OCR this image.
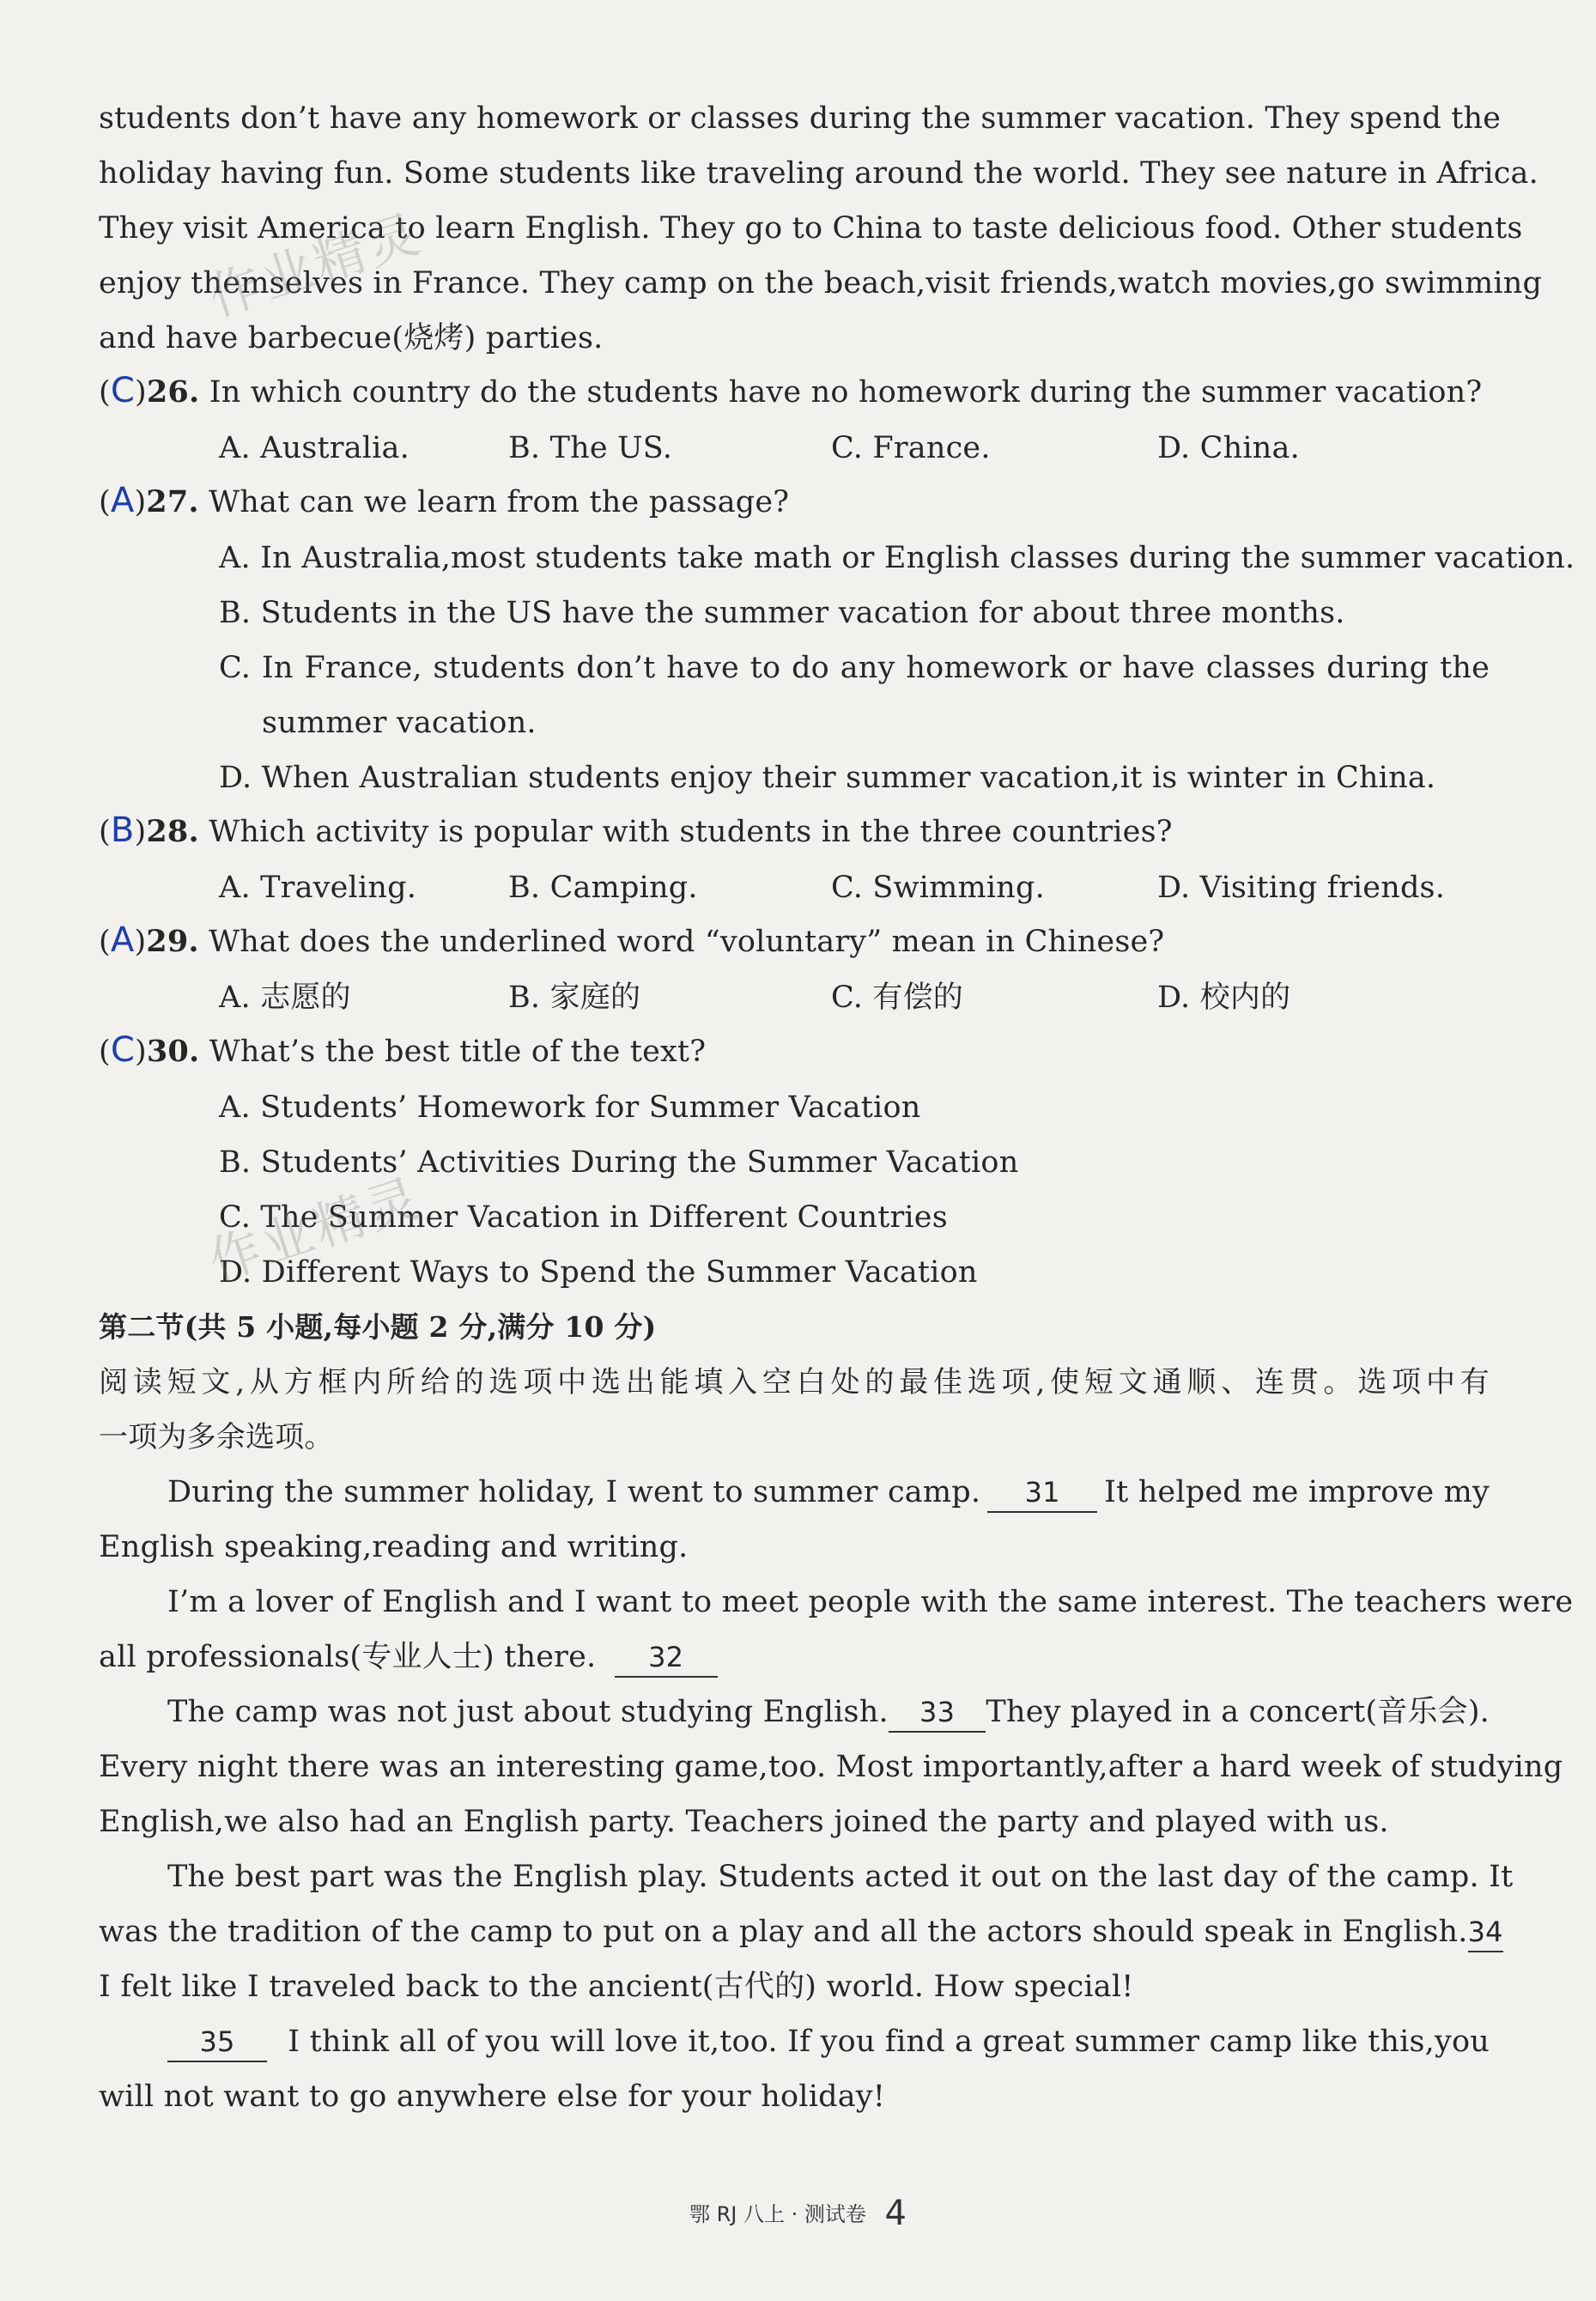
students don’t have any homework or classes during the summer vacation. They spend the
holiday having fun. Some students like traveling around the world. They see nature in Africa.
They visit America to learn English. They go to China to taste delicious food. Other students
enjoy themselves in France. They camp on the beach,visit friends,watch movies,go swimming
and have barbecue(烧烤) parties.
(C)26. In which country do the students have no homework during the summer vacation?
A. Australia.	B. The US.	C. France.	D. China.
(A)27. What can we learn from the passage?
A. In Australia,most students take math or English classes during the summer vacation.
B. Students in the US have the summer vacation for about three months.
C. In France, students don’t have to do any homework or have classes during the
summer vacation.
D. When Australian students enjoy their summer vacation,it is winter in China.
(B)28. Which activity is popular with students in the three countries?
A. Traveling.	B. Camping.	C. Swimming.	D. Visiting friends.
(A)29. What does the underlined word “voluntary” mean in Chinese?
A. 志愿的	B. 家庭的	C. 有偿的	D. 校内的
(C)30. What’s the best title of the text?
A. Students’ Homework for Summer Vacation
B. Students’ Activities During the Summer Vacation
C. The Summer Vacation in Different Countries
D. Different Ways to Spend the Summer Vacation
第二节(共 5 小题,每小题 2 分,满分 10 分)
阅读短文,从方框内所给的选项中选出能填入空白处的最佳选项,使短文通顺、连贯。选项中有
一项为多余选项。
During the summer holiday, I went to summer camp.	31	It helped me improve my
English speaking,reading and writing.
I’m a lover of English and I want to meet people with the same interest. The teachers were
all professionals(专业人士) there. 32
The camp was not just about studying English.	33	They played in a concert(音乐会).
Every night there was an interesting game,too. Most importantly,after a hard week of studying
English,we also had an English party. Teachers joined the party and played with us.
The best part was the English play. Students acted it out on the last day of the camp. It
was the tradition of the camp to put on a play and all the actors should speak in English. 34
I felt like I traveled back to the ancient(古代的) world. How special!
35	I think all of you will love it,too. If you find a great summer camp like this,you
will not want to go anywhere else for your holiday!
作业精灵
作业精灵
鄂 RJ 八上 · 测试卷 4
